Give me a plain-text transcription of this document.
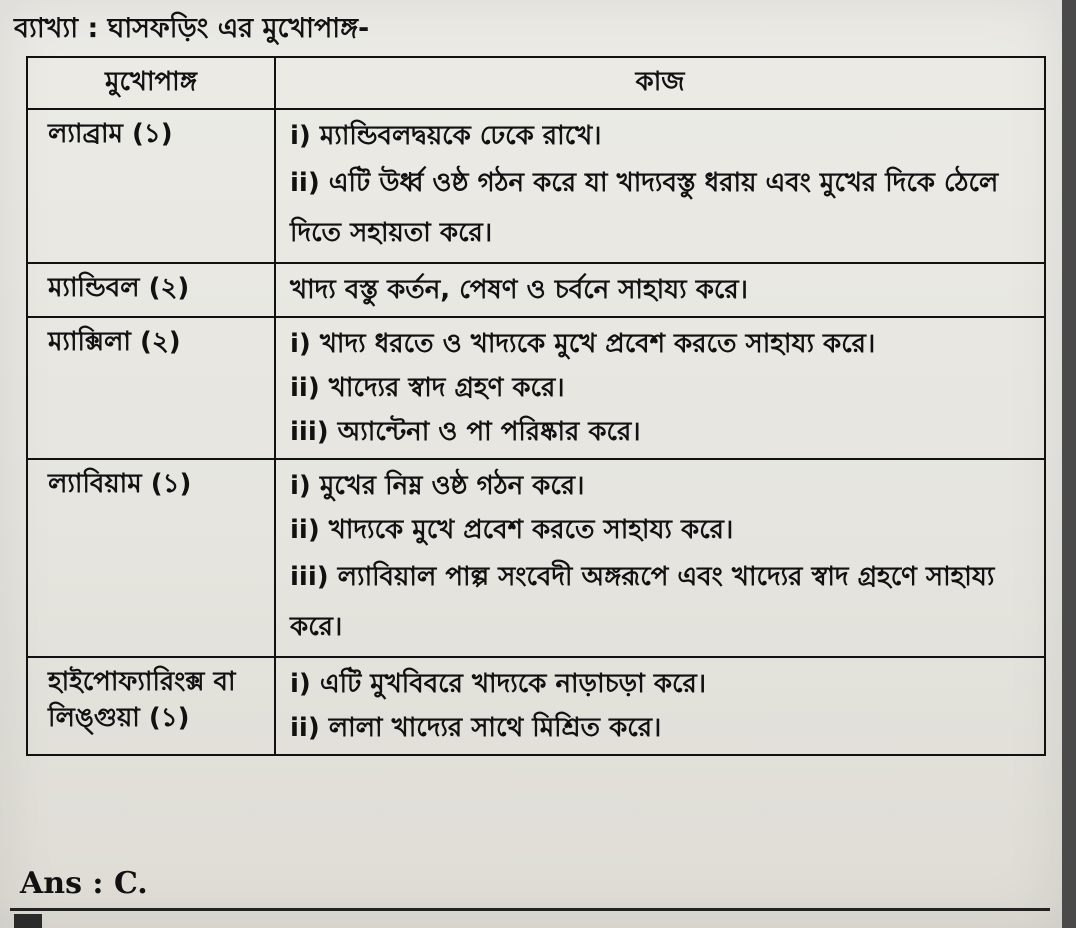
ব্যাখ্যা : ঘাসফড়িং এর মুখোপাঙ্গ-
মুখোপাঙ্গ	কাজ
ল্যাব্রাম (১)	i) ম্যান্ডিবলদ্বয়কে ঢেকে রাখে।
ii) এটি উর্ধ্ব ওষ্ঠ গঠন করে যা খাদ্যবস্তু ধরায় এবং মুখের দিকে ঠেলে দিতে সহায়তা করে।

ম্যান্ডিবল (২)	খাদ্য বস্তু কর্তন, পেষণ ও চর্বনে সাহায্য করে।

ম্যাক্সিলা (২)	i) খাদ্য ধরতে ও খাদ্যকে মুখে প্রবেশ করতে সাহায্য করে।
ii) খাদ্যের স্বাদ গ্রহণ করে।
iii) অ্যান্টেনা ও পা পরিষ্কার করে।

ল্যাবিয়াম (১)	i) মুখের নিম্ন ওষ্ঠ গঠন করে।
ii) খাদ্যকে মুখে প্রবেশ করতে সাহায্য করে।
iii) ল্যাবিয়াল পাল্প সংবেদী অঙ্গরূপে এবং খাদ্যের স্বাদ গ্রহণে সাহায্য করে।

হাইপোফ্যারিংক্স বা লিঙ্গুয়া (১)	i) এটি মুখবিবরে খাদ্যকে নাড়াচড়া করে।
ii) লালা খাদ্যের সাথে মিশ্রিত করে।
Ans : C.
